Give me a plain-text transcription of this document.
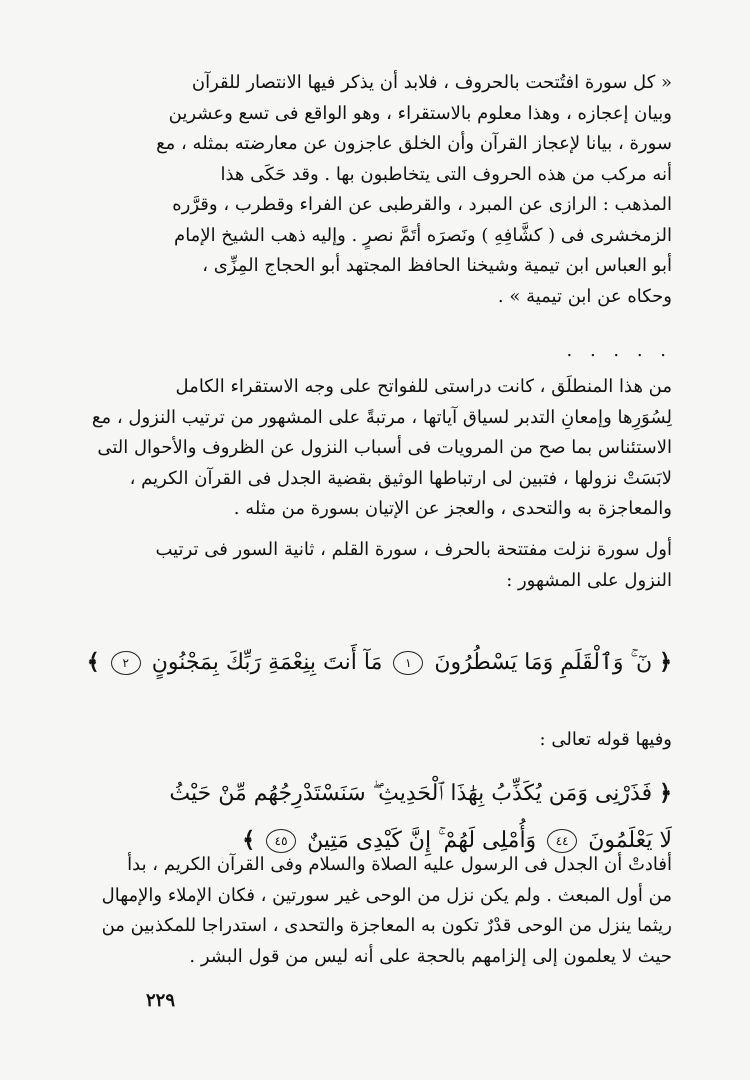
« كل سورة افتُتحت بالحروف ، فلابد أن يذكر فيها الانتصار للقرآن
وبيان إعجازه ، وهذا معلوم بالاستقراء ، وهو الواقع فى تسع وعشرين
سورة ، بيانا لإعجاز القرآن وأن الخلق عاجزون عن معارضته بمثله ، مع
أنه مركب من هذه الحروف التى يتخاطبون بها . وقد حَكَى هذا
المذهب : الرازى عن المبرد ، والقرطبى عن الفراء وقطرب ، وقرَّره
الزمخشرى فى ( كشَّافِهِ ) ونَصرَه أتَمَّ نصرٍ . وإليه ذهب الشيخ الإمام
أبو العباس ابن تيمية وشيخنا الحافظ المجتهد أبو الحجاج المِزِّى ،
وحكاه عن ابن تيمية » .
. . . . .
من هذا المنطلَق ، كانت دراستى للفواتح على وجه الاستقراء الكامل
لِسُوَرِها وإمعانِ التدبر لسياق آياتها ، مرتبةً على المشهور من ترتيب النزول ، مع
الاستئناس بما صح من المرويات فى أسباب النزول عن الظروف والأحوال التى
لابَسَتْ نزولها ، فتبين لى ارتباطها الوثيق بقضية الجدل فى القرآن الكريم ،
والمعاجزة به والتحدى ، والعجز عن الإتيان بسورة من مثله .
أول سورة نزلت مفتتحة بالحرف ، سورة القلم ، ثانية السور فى ترتيب
النزول على المشهور :
﴿ نٓ ۚ وَٱلْقَلَمِ وَمَا يَسْطُرُونَ ١ مَآ أَنتَ بِنِعْمَةِ رَبِّكَ بِمَجْنُونٍ ٢ ﴾
وفيها قوله تعالى :
﴿ فَذَرْنِى وَمَن يُكَذِّبُ بِهَٰذَا ٱلْحَدِيثِ ۖ سَنَسْتَدْرِجُهُم مِّنْ حَيْثُ
لَا يَعْلَمُونَ ٤٤ وَأُمْلِى لَهُمْ ۚ إِنَّ كَيْدِى مَتِينٌ ٤٥ ﴾
أفادتْ أن الجدل فى الرسول عليه الصلاة والسلام وفى القرآن الكريم ، بدأ
من أول المبعث . ولم يكن نزل من الوحى غير سورتين ، فكان الإملاء والإمهال
ريثما ينزل من الوحى قدْرٌ تكون به المعاجزة والتحدى ، استدراجا للمكذبين من
حيث لا يعلمون إلى إلزامهم بالحجة على أنه ليس من قول البشر .
٢٢٩
